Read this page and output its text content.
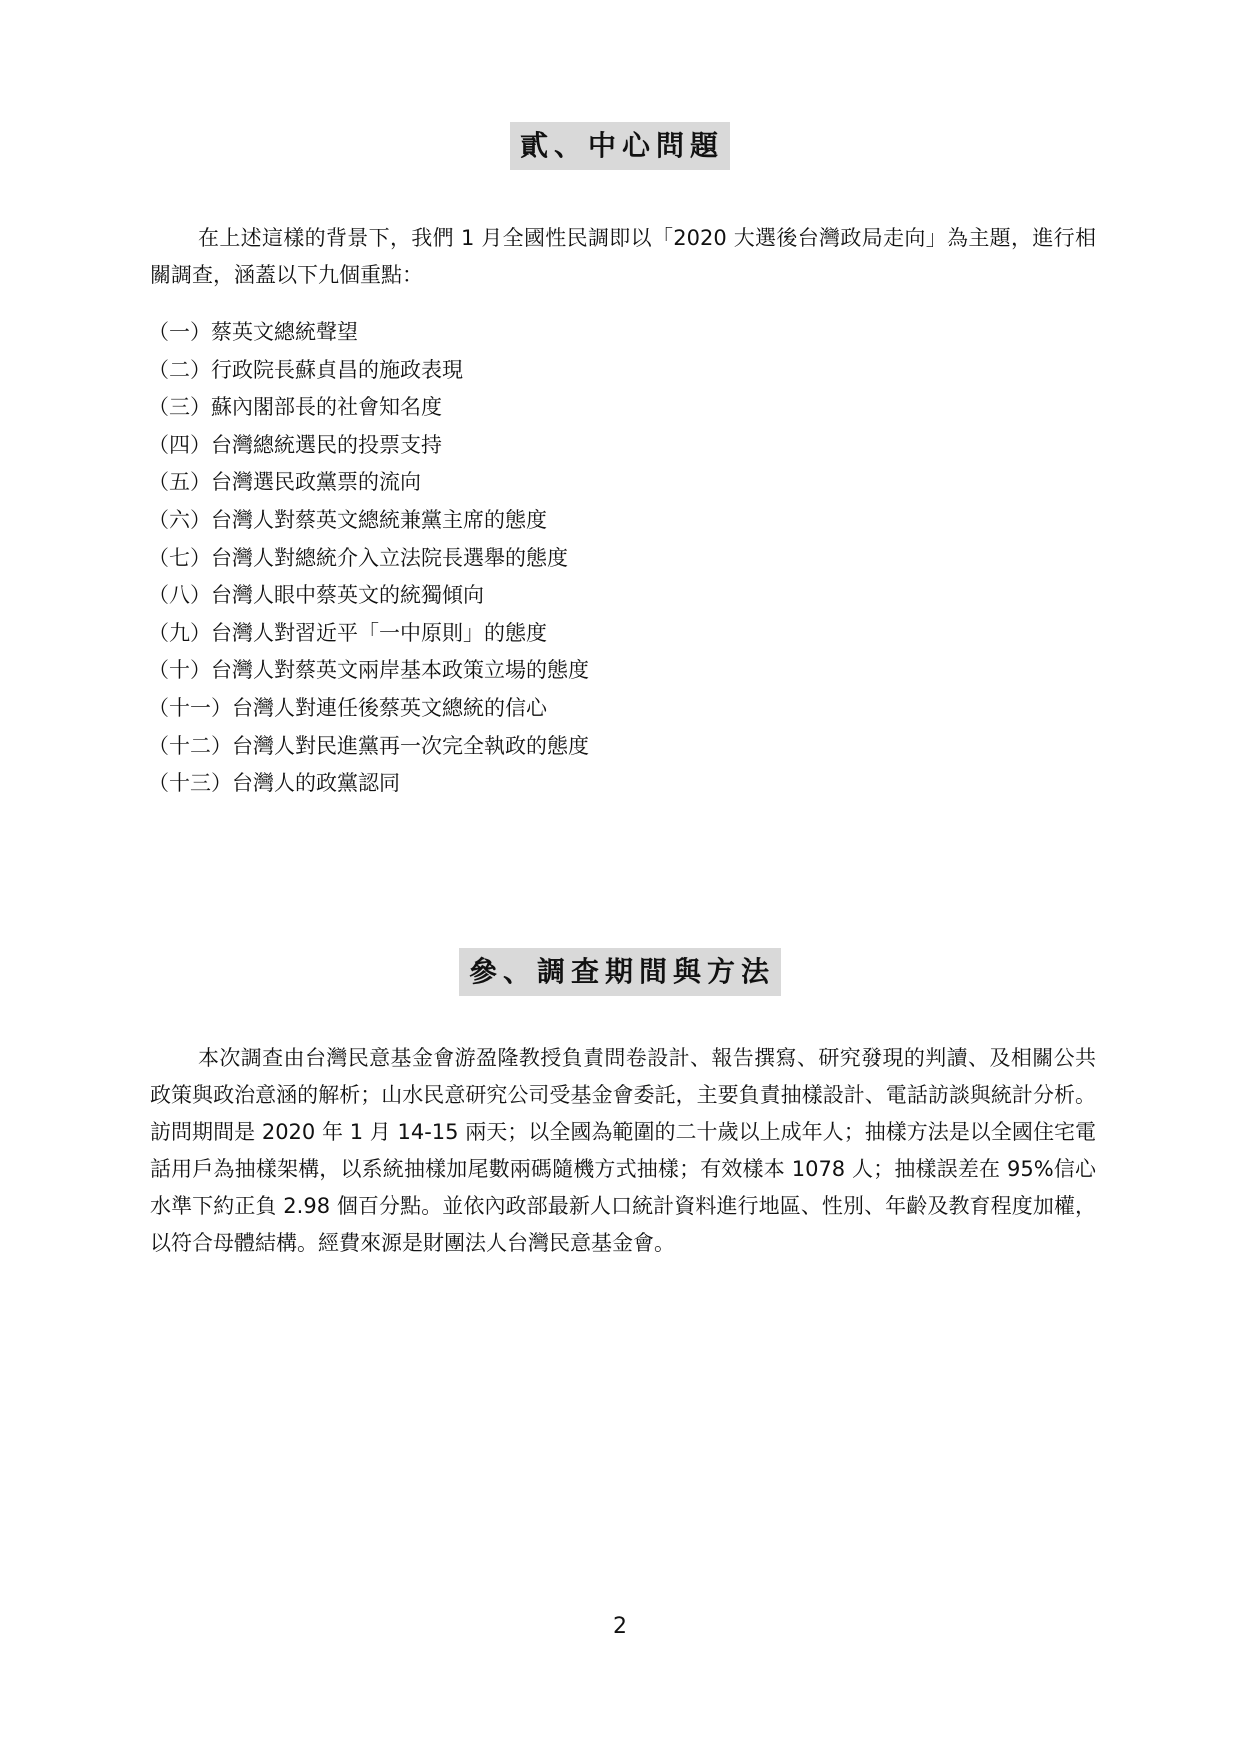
貳、中心問題

在上述這樣的背景下，我們 1 月全國性民調即以「2020 大選後台灣政局走向」為主題，進行相關調查，涵蓋以下九個重點：

（一）蔡英文總統聲望
（二）行政院長蘇貞昌的施政表現
（三）蘇內閣部長的社會知名度
（四）台灣總統選民的投票支持
（五）台灣選民政黨票的流向
（六）台灣人對蔡英文總統兼黨主席的態度
（七）台灣人對總統介入立法院長選舉的態度
（八）台灣人眼中蔡英文的統獨傾向
（九）台灣人對習近平「一中原則」的態度
（十）台灣人對蔡英文兩岸基本政策立場的態度
（十一）台灣人對連任後蔡英文總統的信心
（十二）台灣人對民進黨再一次完全執政的態度
（十三）台灣人的政黨認同
參、調查期間與方法

本次調查由台灣民意基金會游盈隆教授負責問卷設計、報告撰寫、研究發現的判讀、及相關公共政策與政治意涵的解析；山水民意研究公司受基金會委託，主要負責抽樣設計、電話訪談與統計分析。訪問期間是 2020 年 1 月 14-15 兩天；以全國為範圍的二十歲以上成年人；抽樣方法是以全國住宅電話用戶為抽樣架構，以系統抽樣加尾數兩碼隨機方式抽樣；有效樣本 1078 人；抽樣誤差在 95%信心水準下約正負 2.98 個百分點。並依內政部最新人口統計資料進行地區、性別、年齡及教育程度加權，以符合母體結構。經費來源是財團法人台灣民意基金會。

2
